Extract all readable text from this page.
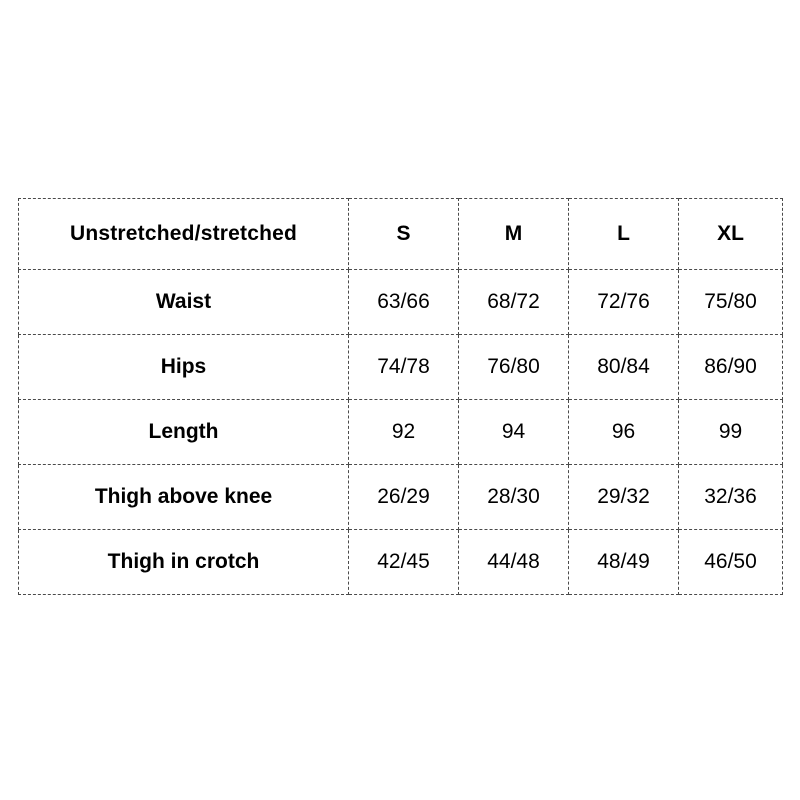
Unstretched/stretched	S	M	L	XL
Waist	63/66	68/72	72/76	75/80
Hips	74/78	76/80	80/84	86/90
Length	92	94	96	99
Thigh above knee	26/29	28/30	29/32	32/36
Thigh in crotch	42/45	44/48	48/49	46/50
